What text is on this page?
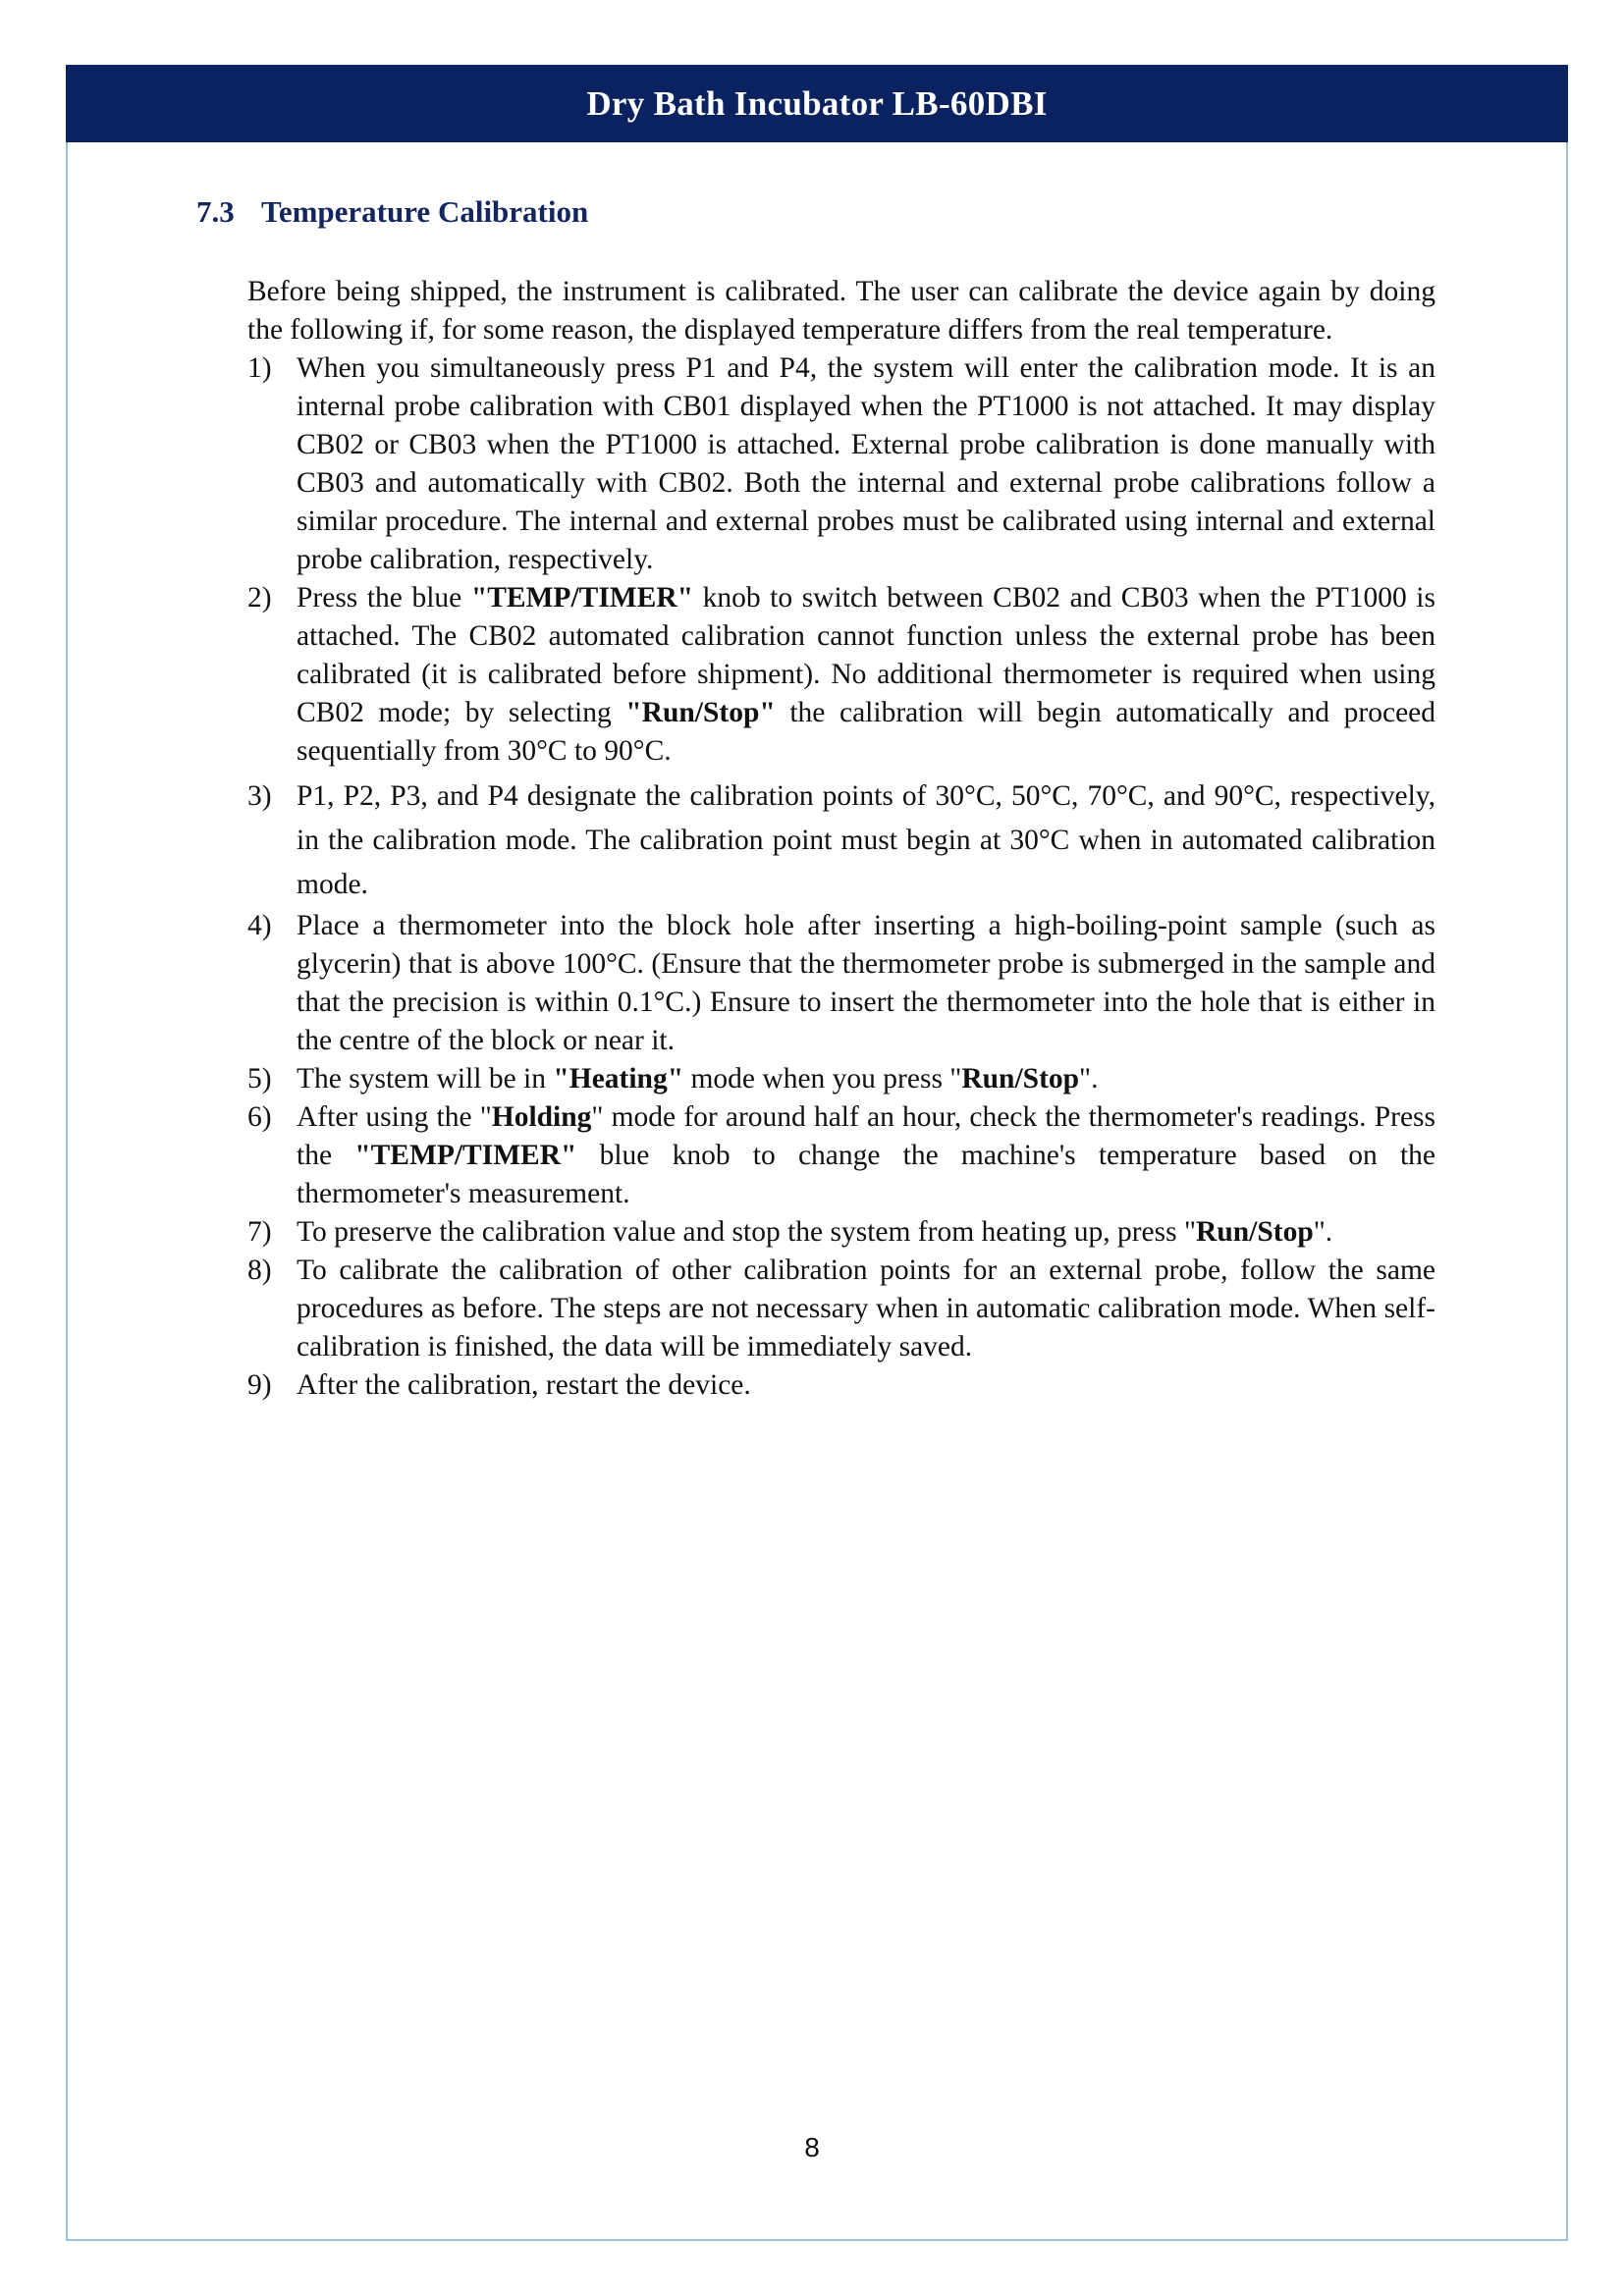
Dry Bath Incubator LB-60DBI
7.3 Temperature Calibration

Before being shipped, the instrument is calibrated. The user can calibrate the device again by doing the following if, for some reason, the displayed temperature differs from the real temperature.

1) When you simultaneously press P1 and P4, the system will enter the calibration mode. It is an internal probe calibration with CB01 displayed when the PT1000 is not attached. It may display CB02 or CB03 when the PT1000 is attached. External probe calibration is done manually with CB03 and automatically with CB02. Both the internal and external probe calibrations follow a similar procedure. The internal and external probes must be calibrated using internal and external probe calibration, respectively.
2) Press the blue "TEMP/TIMER" knob to switch between CB02 and CB03 when the PT1000 is attached. The CB02 automated calibration cannot function unless the external probe has been calibrated (it is calibrated before shipment). No additional thermometer is required when using CB02 mode; by selecting "Run/Stop" the calibration will begin automatically and proceed sequentially from 30°C to 90°C.
3) P1, P2, P3, and P4 designate the calibration points of 30°C, 50°C, 70°C, and 90°C, respectively, in the calibration mode. The calibration point must begin at 30°C when in automated calibration mode.
4) Place a thermometer into the block hole after inserting a high-boiling-point sample (such as glycerin) that is above 100°C. (Ensure that the thermometer probe is submerged in the sample and that the precision is within 0.1°C.) Ensure to insert the thermometer into the hole that is either in the centre of the block or near it.
5) The system will be in "Heating" mode when you press "Run/Stop".
6) After using the "Holding" mode for around half an hour, check the thermometer's readings. Press the "TEMP/TIMER" blue knob to change the machine's temperature based on the thermometer's measurement.
7) To preserve the calibration value and stop the system from heating up, press "Run/Stop".
8) To calibrate the calibration of other calibration points for an external probe, follow the same procedures as before. The steps are not necessary when in automatic calibration mode. When self-calibration is finished, the data will be immediately saved.
9) After the calibration, restart the device.
8
